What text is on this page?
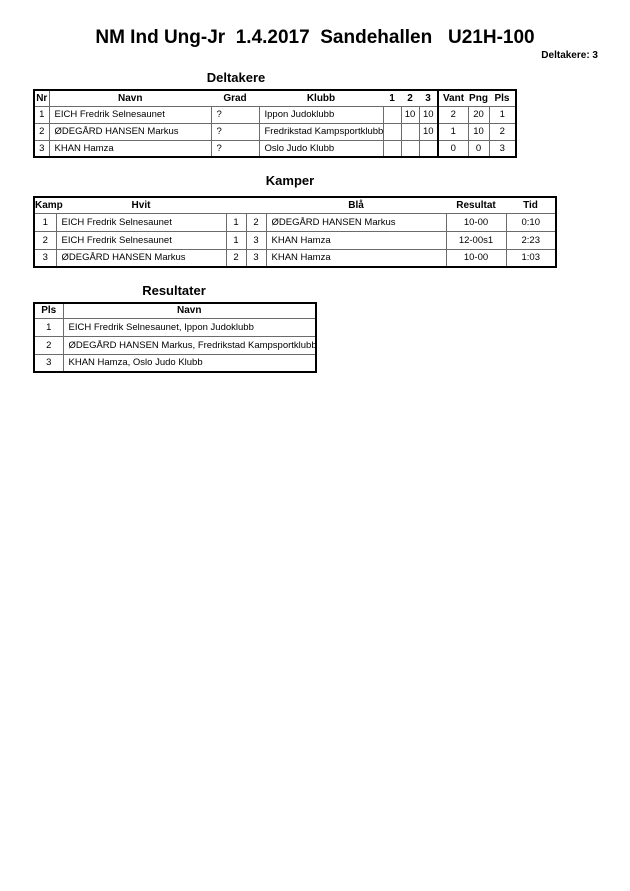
NM Ind Ung-Jr  1.4.2017  Sandehallen   U21H-100
Deltakere: 3
Deltakere
Nr	Navn	Grad	Klubb	1	2	3	Vant	Png	Pls
1	EICH Fredrik Selnesaunet	?	Ippon Judoklubb		10	10	2	20	1
2	ØDEGÅRD HANSEN Markus	?	Fredrikstad Kampsportklubb			10	1	10	2
3	KHAN Hamza	?	Oslo Judo Klubb				0	0	3
Kamper
Kamp	Hvit			Blå	Resultat	Tid
1	EICH Fredrik Selnesaunet	1	2	ØDEGÅRD HANSEN Markus	10-00	0:10
2	EICH Fredrik Selnesaunet	1	3	KHAN Hamza	12-00s1	2:23
3	ØDEGÅRD HANSEN Markus	2	3	KHAN Hamza	10-00	1:03
Resultater
Pls	Navn
1	EICH Fredrik Selnesaunet, Ippon Judoklubb
2	ØDEGÅRD HANSEN Markus, Fredrikstad Kampsportklubb
3	KHAN Hamza, Oslo Judo Klubb
